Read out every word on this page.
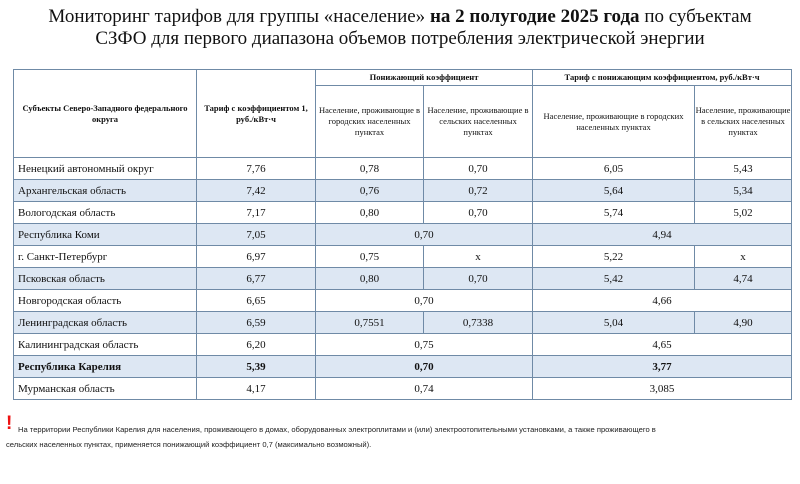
Мониторинг тарифов для группы «население» на 2 полугодие 2025 года по субъектам
СЗФО для первого диапазона объемов потребления электрической энергии
Субъекты Северо-Западного федерального округа	Тариф с коэффициентом 1, руб./кВт·ч	Понижающий коэффициент		Тариф с понижающим коэффициентом, руб./кВт·ч	
		Население, проживающие в городских населенных пунктах	Население, проживающие в сельских населенных пунктах	Население, проживающие в городских населенных пунктах	Население, проживающие в сельских населенных пунктах
Ненецкий автономный округ	7,76	0,78	0,70	6,05	5,43
Архангельская область	7,42	0,76	0,72	5,64	5,34
Вологодская область	7,17	0,80	0,70	5,74	5,02
Республика Коми	7,05	0,70		4,94	
г. Санкт-Петербург	6,97	0,75	х	5,22	х
Псковская область	6,77	0,80	0,70	5,42	4,74
Новгородская область	6,65	0,70		4,66	
Ленинградская область	6,59	0,7551	0,7338	5,04	4,90
Калининградская область	6,20	0,75		4,65	
Республика Карелия	5,39	0,70		3,77	
Мурманская область	4,17	0,74		3,085	
! На территории Республики Карелия для населения, проживающего в домах, оборудованных электроплитами и (или) электроотопительными установками, а также проживающего в
сельских населенных пунктах, применяется понижающий коэффициент 0,7 (максимально возможный).
